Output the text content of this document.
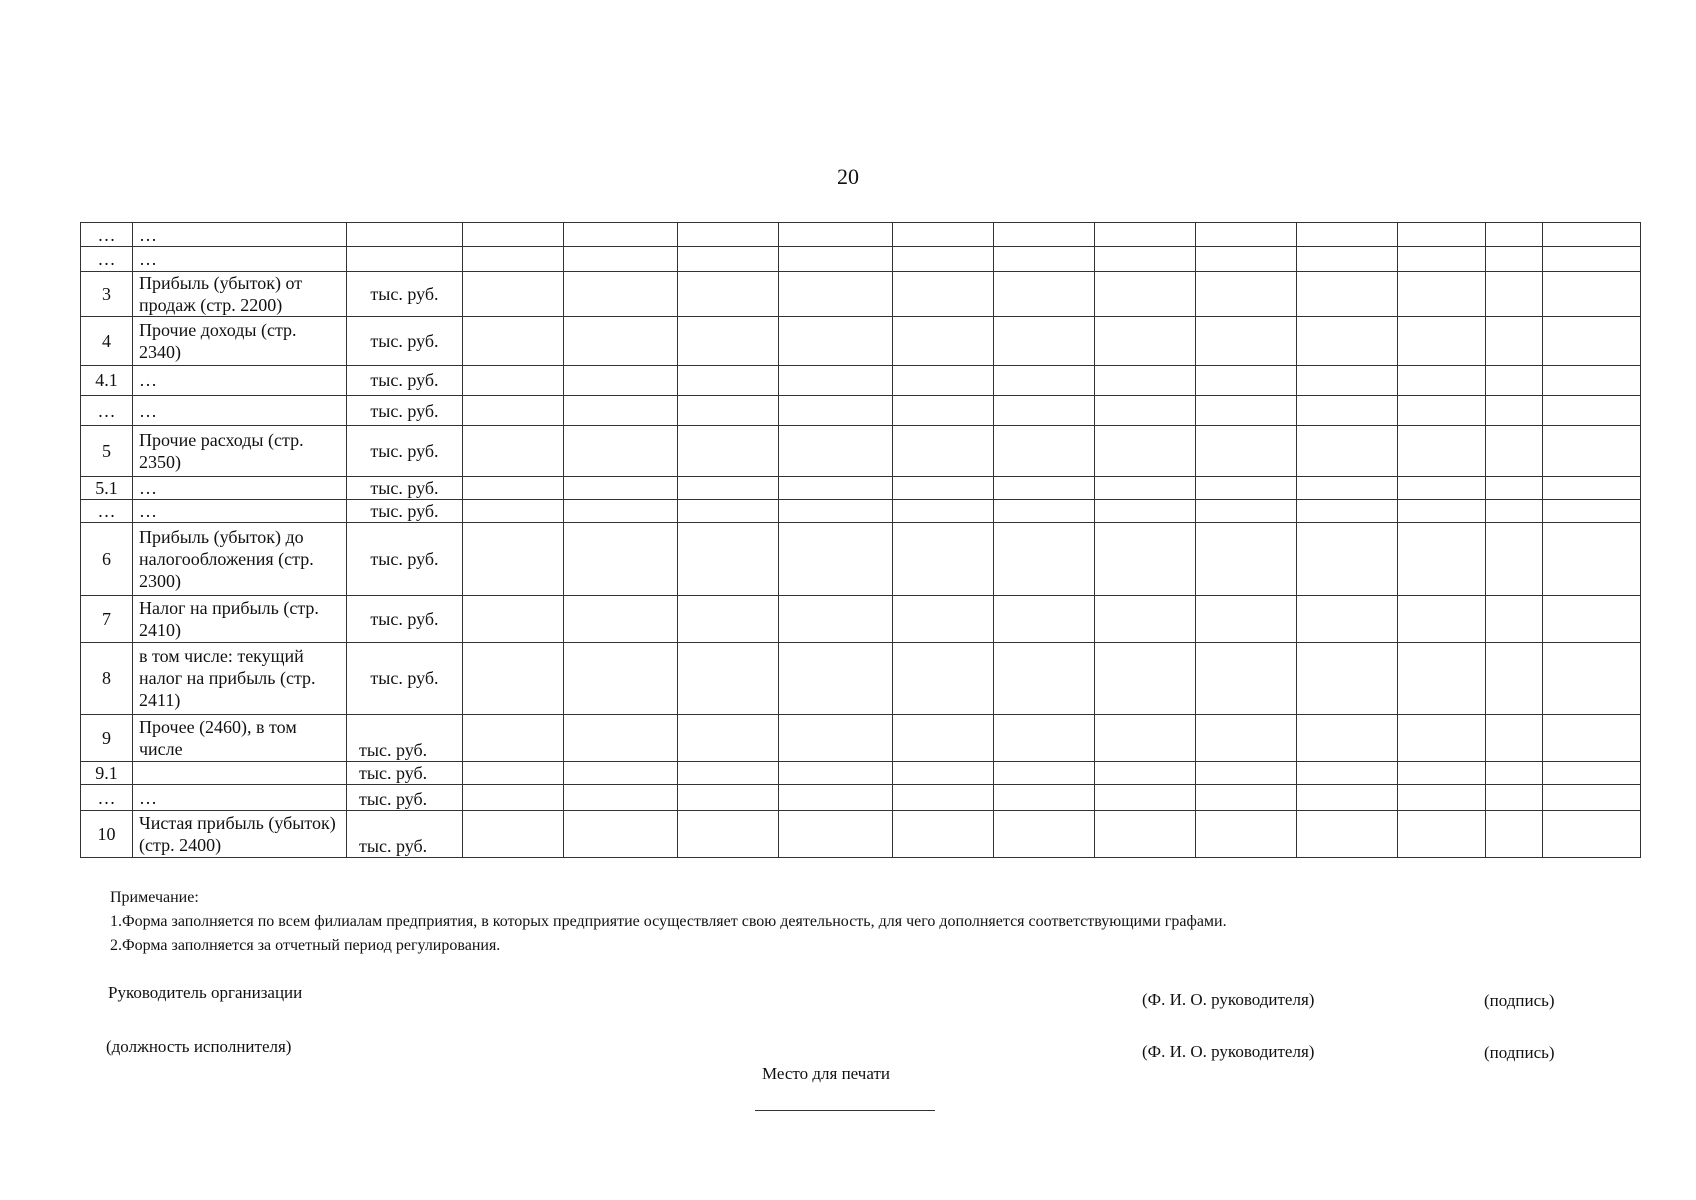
20
…	…													
…	…													
3	Прибыль (убыток) от продаж (стр. 2200)	тыс. руб.												
4	Прочие доходы (стр. 2340)	тыс. руб.												
4.1	…	тыс. руб.												
…	…	тыс. руб.												
5	Прочие расходы (стр. 2350)	тыс. руб.												
5.1	…	тыс. руб.												
…	…	тыс. руб.												
6	Прибыль (убыток) до налогообложения (стр. 2300)	тыс. руб.												
7	Налог на прибыль (стр. 2410)	тыс. руб.												
8	в том числе: текущий налог на прибыль (стр. 2411)	тыс. руб.												
9	Прочее (2460), в том числе	тыс. руб.												
9.1		тыс. руб.												
…	…	тыс. руб.												
10	Чистая прибыль (убыток) (стр. 2400)	тыс. руб.												
Примечание:
1.Форма заполняется по всем филиалам предприятия, в которых предприятие осуществляет свою деятельность, для чего дополняется соответствующими графами.
2.Форма заполняется за отчетный период регулирования.
Руководитель организации	(Ф. И. О. руководителя)	(подпись)
(должность исполнителя)	(Ф. И. О. руководителя)	(подпись)
Место для печати
